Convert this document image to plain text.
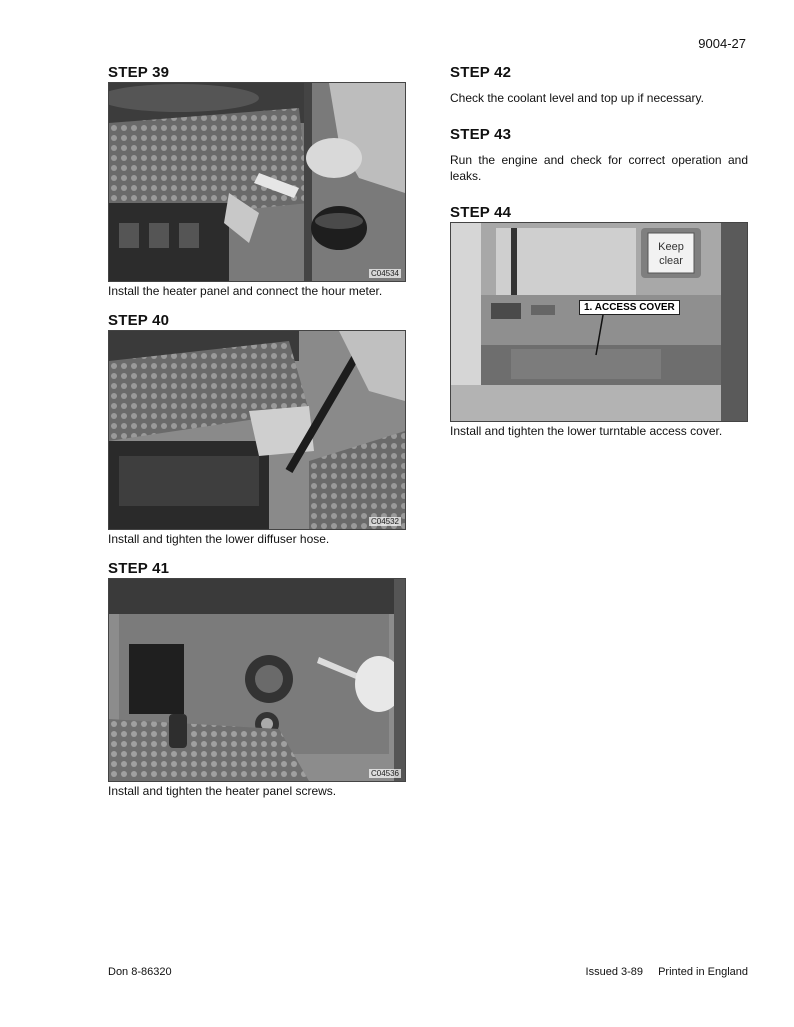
9004-27
STEP 39
C04534

Install the heater panel and connect the hour meter.

STEP 40
C04532

Install and tighten the lower diffuser hose.

STEP 41
C04536

Install and tighten the heater panel screws.

STEP 42

Check the coolant level and top up if necessary.

STEP 43

Run the engine and check for correct operation and leaks.

STEP 44
Keep
clear
1. ACCESS COVER

Install and tighten the lower turntable access cover.

Don 8-86320	Issued 3-89 Printed in England
